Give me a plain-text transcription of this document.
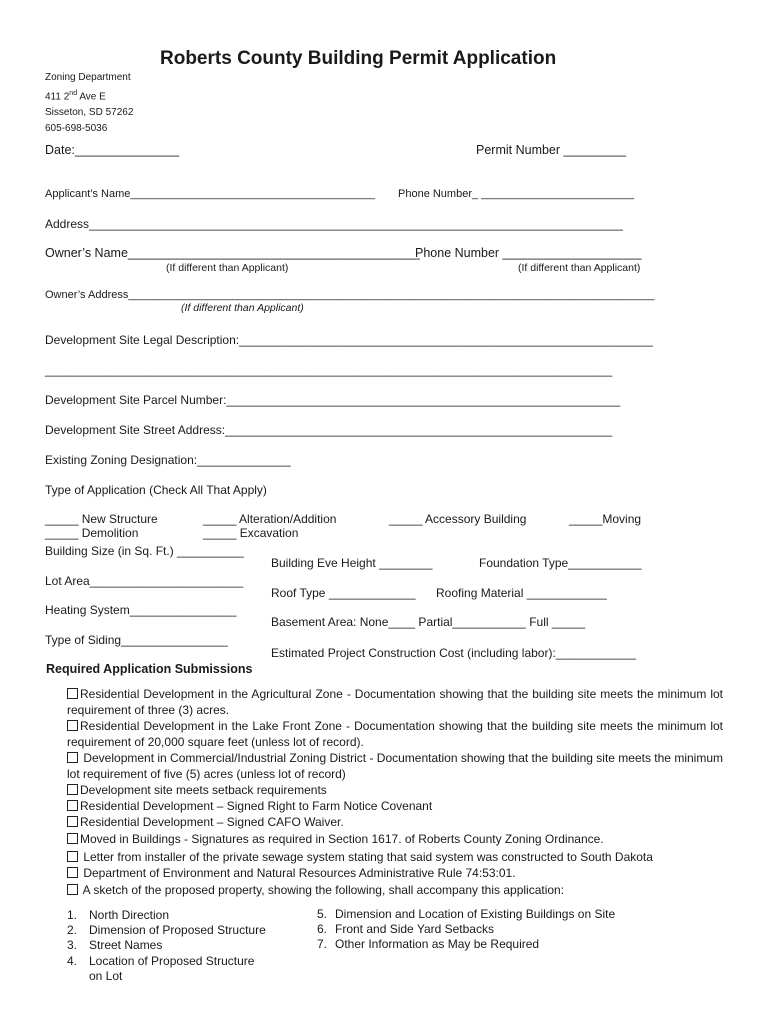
Roberts County Building Permit Application
Zoning Department
411 2nd Ave E
Sisseton, SD 57262
605-698-5036
Date:_______________	Permit Number _________
Applicant’s Name________________________________________ Phone Number_ _________________________
Address________________________________________________________________________________
Owner’s Name__________________________________________
Phone Number ____________________
(If different than Applicant)	(If different than Applicant)
Owner’s Address______________________________________________________________________________________
(If different than Applicant)
Development Site Legal Description:______________________________________________________________
_____________________________________________________________________________________
Development Site Parcel Number:___________________________________________________________
Development Site Street Address:__________________________________________________________
Existing Zoning Designation:______________
Type of Application (Check All That Apply)
_____ New Structure	_____ Alteration/Addition	_____ Accessory Building	_____Moving
_____ Demolition	_____ Excavation
Building Size (in Sq. Ft.) __________
Building Eve Height ________	Foundation Type___________
Lot Area_______________________
Roof Type _____________ Roofing Material ____________
Heating System________________
Basement Area: None____ Partial___________ Full _____
Type of Siding________________
Estimated Project Construction Cost (including labor):____________
Required Application Submissions
Residential Development in the Agricultural Zone - Documentation showing that the building site meets the minimum lot requirement of three (3) acres.
Residential Development in the Lake Front Zone - Documentation showing that the building site meets the minimum lot requirement of 20,000 square feet (unless lot of record).
Development in Commercial/Industrial Zoning District - Documentation showing that the building site meets the minimum lot requirement of five (5) acres (unless lot of record)
Development site meets setback requirements
Residential Development – Signed Right to Farm Notice Covenant
Residential Development – Signed CAFO Waiver.
Moved in Buildings - Signatures as required in Section 1617. of Roberts County Zoning Ordinance.
Letter from installer of the private sewage system stating that said system was constructed to South Dakota
Department of Environment and Natural Resources Administrative Rule 74:53:01.
A sketch of the proposed property, showing the following, shall accompany this application:
1. North Direction
2. Dimension of Proposed Structure
3. Street Names
4. Location of Proposed Structure
on Lot
5. Dimension and Location of Existing Buildings on Site
6. Front and Side Yard Setbacks
7. Other Information as May be Required
